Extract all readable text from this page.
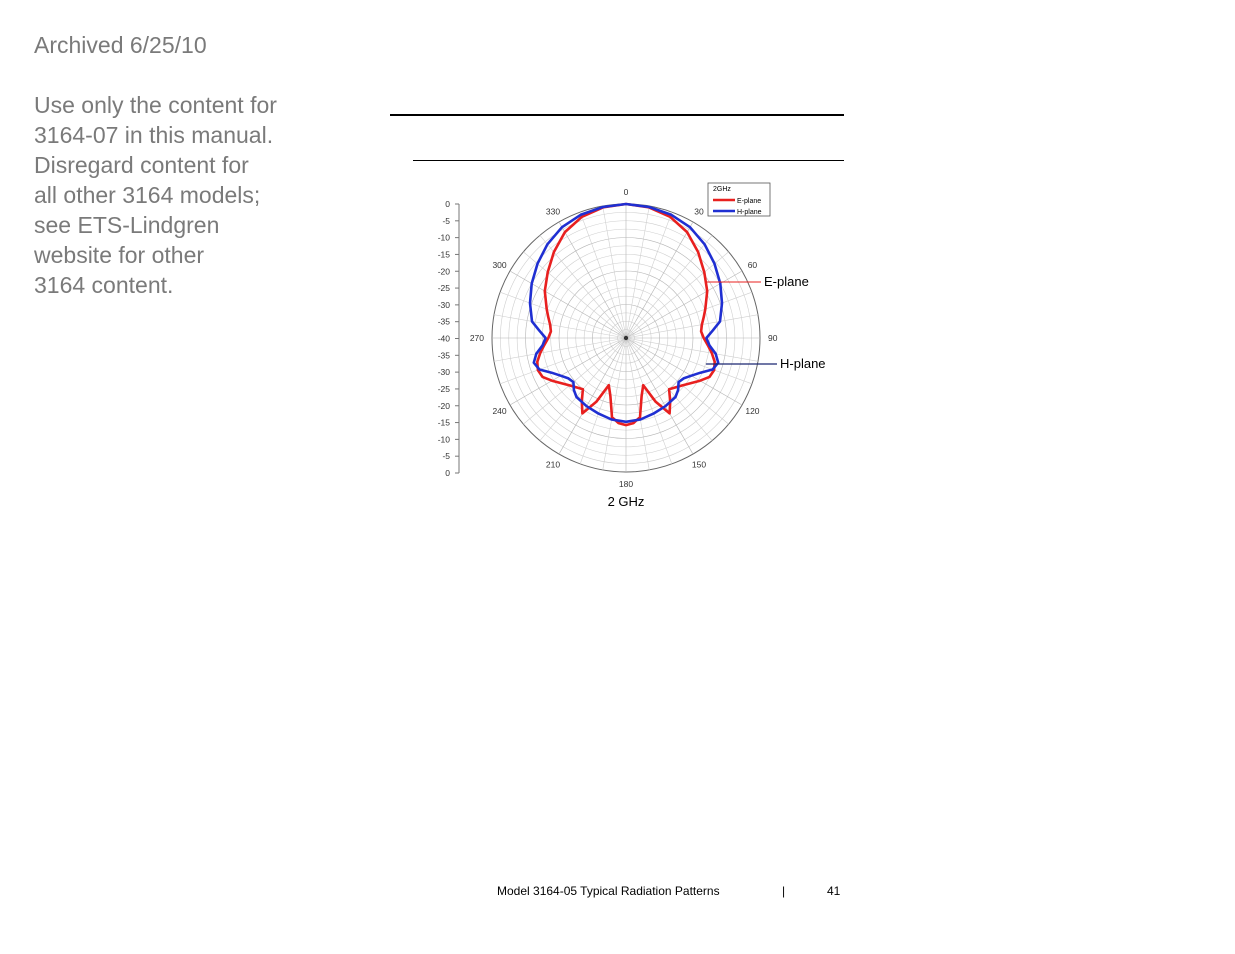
Archived 6/25/10

Use only the content for

3164-07 in this manual.

Disregard content for

all other 3164 models;

see ETS-Lindgren

website for other

3164 content.

0
30
60
90
120
150
180
210
240
270
300
330
0
-5
-10
-15
-20
-25
-30
-35
-40
-35
-30
-25
-20
-15
-10
-5
0
2GHz
E-plane
H-plane
E-plane
H-plane
2 GHz
Model 3164-05 Typical Radiation Patterns	|	41
